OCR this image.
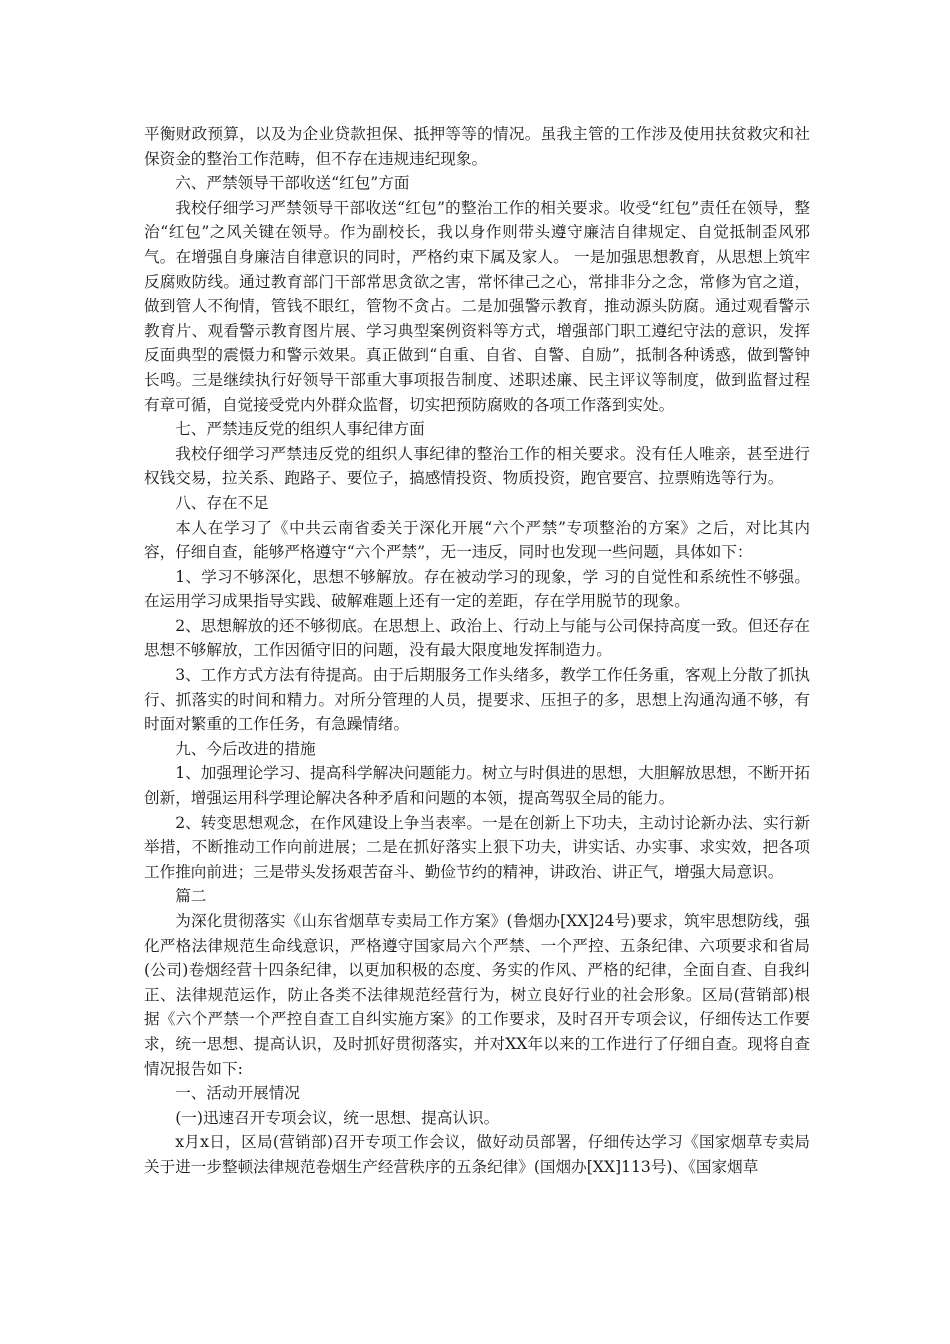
平衡财政预算，以及为企业贷款担保、抵押等等的情况。虽我主管的工作涉及使用扶贫救灾和社保资金的整治工作范畴，但不存在违规违纪现象。

六、严禁领导干部收送“红包”方面

我校仔细学习严禁领导干部收送“红包”的整治工作的相关要求。收受“红包”责任在领导，整治“红包”之风关键在领导。作为副校长，我以身作则带头遵守廉洁自律规定、自觉抵制歪风邪气。在增强自身廉洁自律意识的同时，严格约束下属及家人。 一是加强思想教育，从思想上筑牢反腐败防线。通过教育部门干部常思贪欲之害，常怀律己之心，常排非分之念，常修为官之道，做到管人不徇情，管钱不眼红，管物不贪占。二是加强警示教育，推动源头防腐。通过观看警示教育片、观看警示教育图片展、学习典型案例资料等方式，增强部门职工遵纪守法的意识，发挥反面典型的震慑力和警示效果。真正做到“自重、自省、自警、自励”，抵制各种诱惑，做到警钟长鸣。三是继续执行好领导干部重大事项报告制度、述职述廉、民主评议等制度，做到监督过程有章可循，自觉接受党内外群众监督，切实把预防腐败的各项工作落到实处。

七、严禁违反党的组织人事纪律方面

我校仔细学习严禁违反党的组织人事纪律的整治工作的相关要求。没有任人唯亲，甚至进行权钱交易，拉关系、跑路子、要位子，搞感情投资、物质投资，跑官要宫、拉票贿选等行为。

八、存在不足

本人在学习了《中共云南省委关于深化开展“六个严禁”专项整治的方案》之后，对比其内容，仔细自查，能够严格遵守“六个严禁”，无一违反，同时也发现一些问题，具体如下：

1、学习不够深化，思想不够解放。存在被动学习的现象，学 习的自觉性和系统性不够强。在运用学习成果指导实践、破解难题上还有一定的差距，存在学用脱节的现象。

2、思想解放的还不够彻底。在思想上、政治上、行动上与能与公司保持高度一致。但还存在思想不够解放，工作因循守旧的问题，没有最大限度地发挥制造力。

3、工作方式方法有待提高。由于后期服务工作头绪多，教学工作任务重，客观上分散了抓执行、抓落实的时间和精力。对所分管理的人员，提要求、压担子的多，思想上沟通沟通不够，有时面对繁重的工作任务，有急躁情绪。

九、今后改进的措施

1、加强理论学习、提高科学解决问题能力。树立与时俱进的思想，大胆解放思想，不断开拓创新，增强运用科学理论解决各种矛盾和问题的本领，提高驾驭全局的能力。

2、转变思想观念，在作风建设上争当表率。一是在创新上下功夫，主动讨论新办法、实行新举措，不断推动工作向前进展；二是在抓好落实上狠下功夫，讲实话、办实事、求实效，把各项工作推向前进；三是带头发扬艰苦奋斗、勤俭节约的精神，讲政治、讲正气，增强大局意识。

篇二

为深化贯彻落实《山东省烟草专卖局工作方案》(鲁烟办[XX]24号)要求，筑牢思想防线，强化严格法律规范生命线意识，严格遵守国家局六个严禁、一个严控、五条纪律、六项要求和省局(公司)卷烟经营十四条纪律，以更加积极的态度、务实的作风、严格的纪律，全面自查、自我纠正、法律规范运作，防止各类不法律规范经营行为，树立良好行业的社会形象。区局(营销部)根据《六个严禁一个严控自查工自纠实施方案》的工作要求，及时召开专项会议，仔细传达工作要求，统一思想、提高认识，及时抓好贯彻落实，并对XX年以来的工作进行了仔细自查。现将自查情况报告如下:

一、活动开展情况

(一)迅速召开专项会议，统一思想、提高认识。

x月x日，区局(营销部)召开专项工作会议，做好动员部署，仔细传达学习《国家烟草专卖局关于进一步整顿法律规范卷烟生产经营秩序的五条纪律》(国烟办[XX]113号)、《国家烟草
